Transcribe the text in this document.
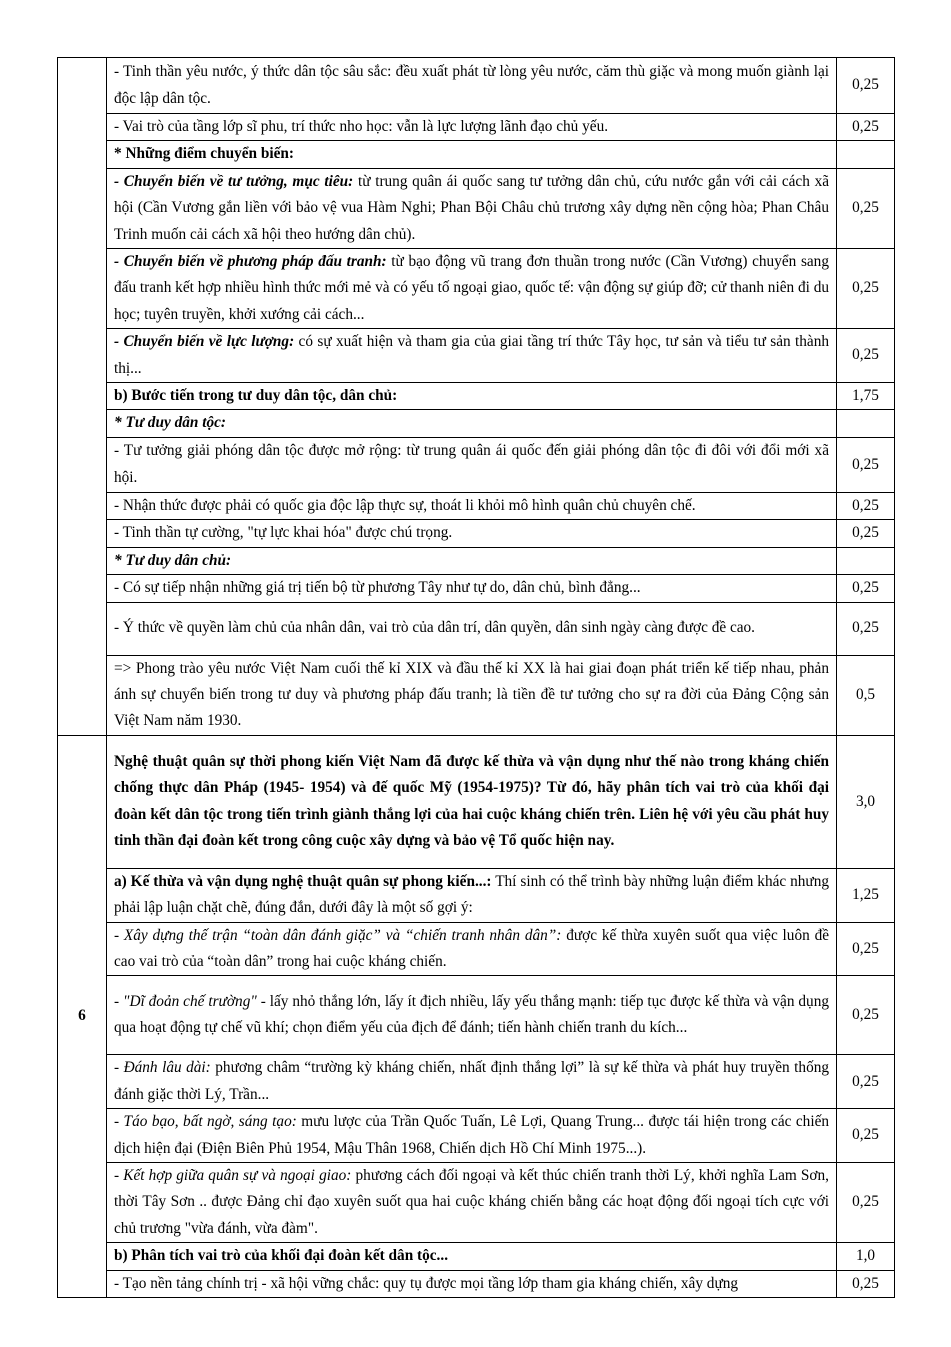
	- Tinh thần yêu nước, ý thức dân tộc sâu sắc: đều xuất phát từ lòng yêu nước, căm thù giặc và mong muốn giành lại độc lập dân tộc.	0,25
	- Vai trò của tầng lớp sĩ phu, trí thức nho học: vẫn là lực lượng lãnh đạo chủ yếu.	0,25
	* Những điểm chuyển biến:	
	- Chuyển biến về tư tưởng, mục tiêu: từ trung quân ái quốc sang tư tưởng dân chủ, cứu nước gắn với cải cách xã hội (Cần Vương gắn liền với bảo vệ vua Hàm Nghi; Phan Bội Châu chủ trương xây dựng nền cộng hòa; Phan Châu Trinh muốn cải cách xã hội theo hướng dân chủ).	0,25
	- Chuyển biến về phương pháp đấu tranh: từ bạo động vũ trang đơn thuần trong nước (Cần Vương) chuyển sang đấu tranh kết hợp nhiều hình thức mới mẻ và có yếu tố ngoại giao, quốc tế: vận động sự giúp đỡ; cử thanh niên đi du học; tuyên truyền, khởi xướng cải cách...	0,25
	- Chuyển biến về lực lượng: có sự xuất hiện và tham gia của giai tầng trí thức Tây học, tư sản và tiểu tư sản thành thị...	0,25
	b) Bước tiến trong tư duy dân tộc, dân chủ:	1,75
	* Tư duy dân tộc:	
	- Tư tưởng giải phóng dân tộc được mở rộng: từ trung quân ái quốc đến giải phóng dân tộc đi đôi với đổi mới xã hội.	0,25
	- Nhận thức được phải có quốc gia độc lập thực sự, thoát li khỏi mô hình quân chủ chuyên chế.	0,25
	- Tinh thần tự cường, "tự lực khai hóa" được chú trọng.	0,25
	* Tư duy dân chủ:	
	- Có sự tiếp nhận những giá trị tiến bộ từ phương Tây như tự do, dân chủ, bình đẳng...	0,25
	- Ý thức về quyền làm chủ của nhân dân, vai trò của dân trí, dân quyền, dân sinh ngày càng được đề cao.	0,25
	=> Phong trào yêu nước Việt Nam cuối thế kỉ XIX và đầu thế kỉ XX là hai giai đoạn phát triển kế tiếp nhau, phản ánh sự chuyển biến trong tư duy và phương pháp đấu tranh; là tiền đề tư tưởng cho sự ra đời của Đảng Cộng sản Việt Nam năm 1930.	0,5
6	Nghệ thuật quân sự thời phong kiến Việt Nam đã được kế thừa và vận dụng như thế nào trong kháng chiến chống thực dân Pháp (1945- 1954) và đế quốc Mỹ (1954-1975)? Từ đó, hãy phân tích vai trò của khối đại đoàn kết dân tộc trong tiến trình giành thắng lợi của hai cuộc kháng chiến trên. Liên hệ với yêu cầu phát huy tinh thần đại đoàn kết trong công cuộc xây dựng và bảo vệ Tổ quốc hiện nay.	3,0
	a) Kế thừa và vận dụng nghệ thuật quân sự phong kiến...: Thí sinh có thể trình bày những luận điểm khác nhưng phải lập luận chặt chẽ, đúng đắn, dưới đây là một số gợi ý:	1,25
	- Xây dựng thế trận “toàn dân đánh giặc” và “chiến tranh nhân dân”: được kế thừa xuyên suốt qua việc luôn đề cao vai trò của “toàn dân” trong hai cuộc kháng chiến.	0,25
	- "Dĩ đoản chế trường" - lấy nhỏ thắng lớn, lấy ít địch nhiều, lấy yếu thắng mạnh: tiếp tục được kế thừa và vận dụng qua hoạt động tự chế vũ khí; chọn điểm yếu của địch để đánh; tiến hành chiến tranh du kích...	0,25
	- Đánh lâu dài: phương châm “trường kỳ kháng chiến, nhất định thắng lợi” là sự kế thừa và phát huy truyền thống đánh giặc thời Lý, Trần...	0,25
	- Táo bạo, bất ngờ, sáng tạo: mưu lược của Trần Quốc Tuấn, Lê Lợi, Quang Trung... được tái hiện trong các chiến dịch hiện đại (Điện Biên Phủ 1954, Mậu Thân 1968, Chiến dịch Hồ Chí Minh 1975...).	0,25
	- Kết hợp giữa quân sự và ngoại giao: phương cách đối ngoại và kết thúc chiến tranh thời Lý, khởi nghĩa Lam Sơn, thời Tây Sơn .. được Đảng chỉ đạo xuyên suốt qua hai cuộc kháng chiến bằng các hoạt động đối ngoại tích cực với chủ trương "vừa đánh, vừa đàm".	0,25
	b) Phân tích vai trò của khối đại đoàn kết dân tộc...	1,0
	- Tạo nền tảng chính trị - xã hội vững chắc: quy tụ được mọi tầng lớp tham gia kháng chiến, xây dựng	0,25
